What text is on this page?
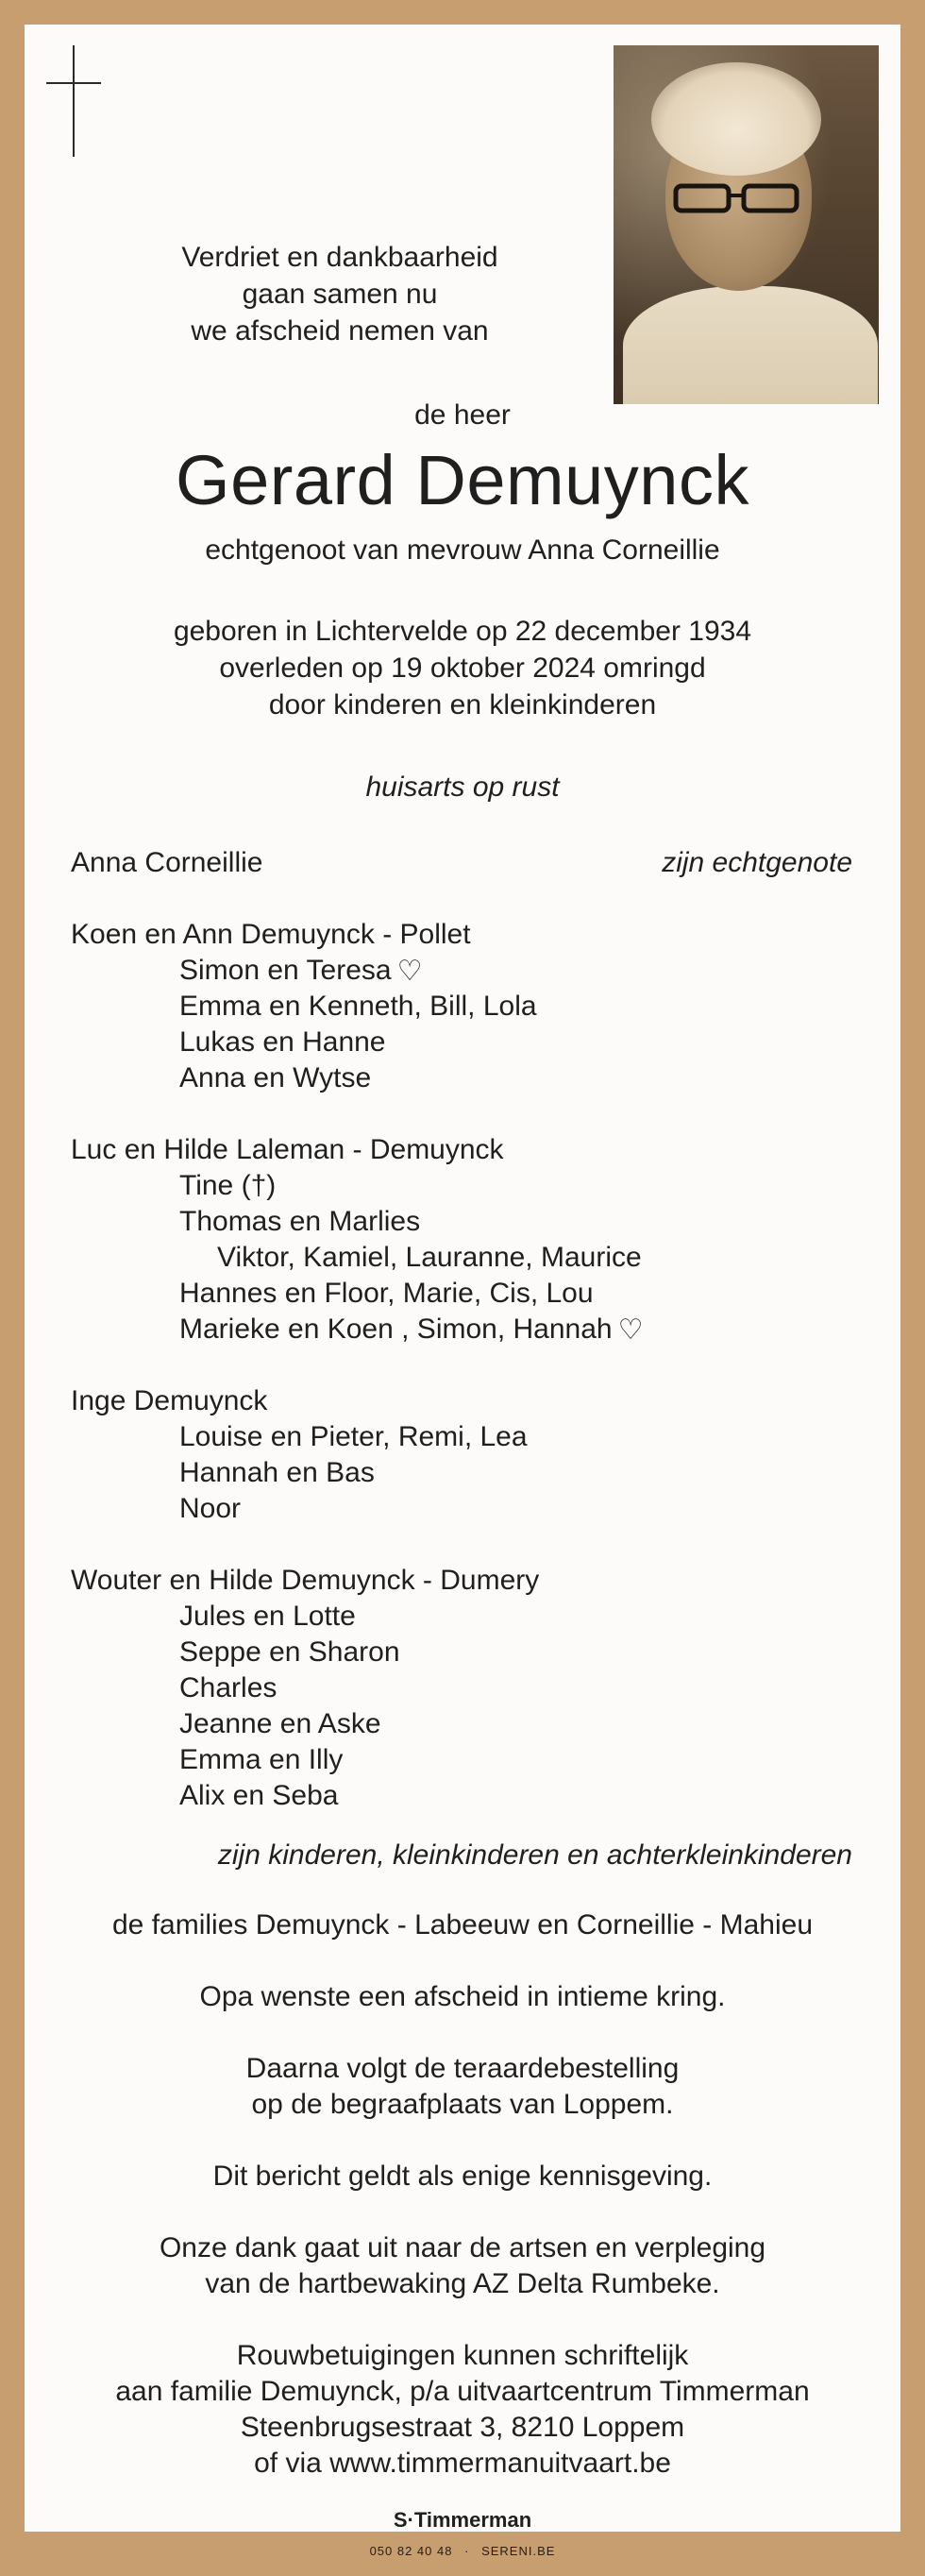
Verdriet en dankbaarheid
gaan samen nu
we afscheid nemen van
de heer
Gerard Demuynck
echtgenoot van mevrouw Anna Corneillie
geboren in Lichtervelde op 22 december 1934
overleden op 19 oktober 2024 omringd
door kinderen en kleinkinderen
huisarts op rust
Anna Corneillie	zijn echtgenote
Koen en Ann Demuynck - Pollet
Simon en Teresa ♡
Emma en Kenneth, Bill, Lola
Lukas en Hanne
Anna en Wytse
Luc en Hilde Laleman - Demuynck
Tine (†)
Thomas en Marlies
Viktor, Kamiel, Lauranne, Maurice
Hannes en Floor, Marie, Cis, Lou
Marieke en Koen , Simon, Hannah ♡
Inge Demuynck
Louise en Pieter, Remi, Lea
Hannah en Bas
Noor
Wouter en Hilde Demuynck - Dumery
Jules en Lotte
Seppe en Sharon
Charles
Jeanne en Aske
Emma en Illy
Alix en Seba
zijn kinderen, kleinkinderen en achterkleinkinderen
de families Demuynck - Labeeuw en Corneillie - Mahieu
Opa wenste een afscheid in intieme kring.
Daarna volgt de teraardebestelling
op de begraafplaats van Loppem.
Dit bericht geldt als enige kennisgeving.
Onze dank gaat uit naar de artsen en verpleging
van de hartbewaking AZ Delta Rumbeke.
Rouwbetuigingen kunnen schriftelijk
aan familie Demuynck, p/a uitvaartcentrum Timmerman
Steenbrugsestraat 3, 8210 Loppem
of via www.timmermanuitvaart.be
S·Timmerman
050 82 40 48 · SERENI.BE
